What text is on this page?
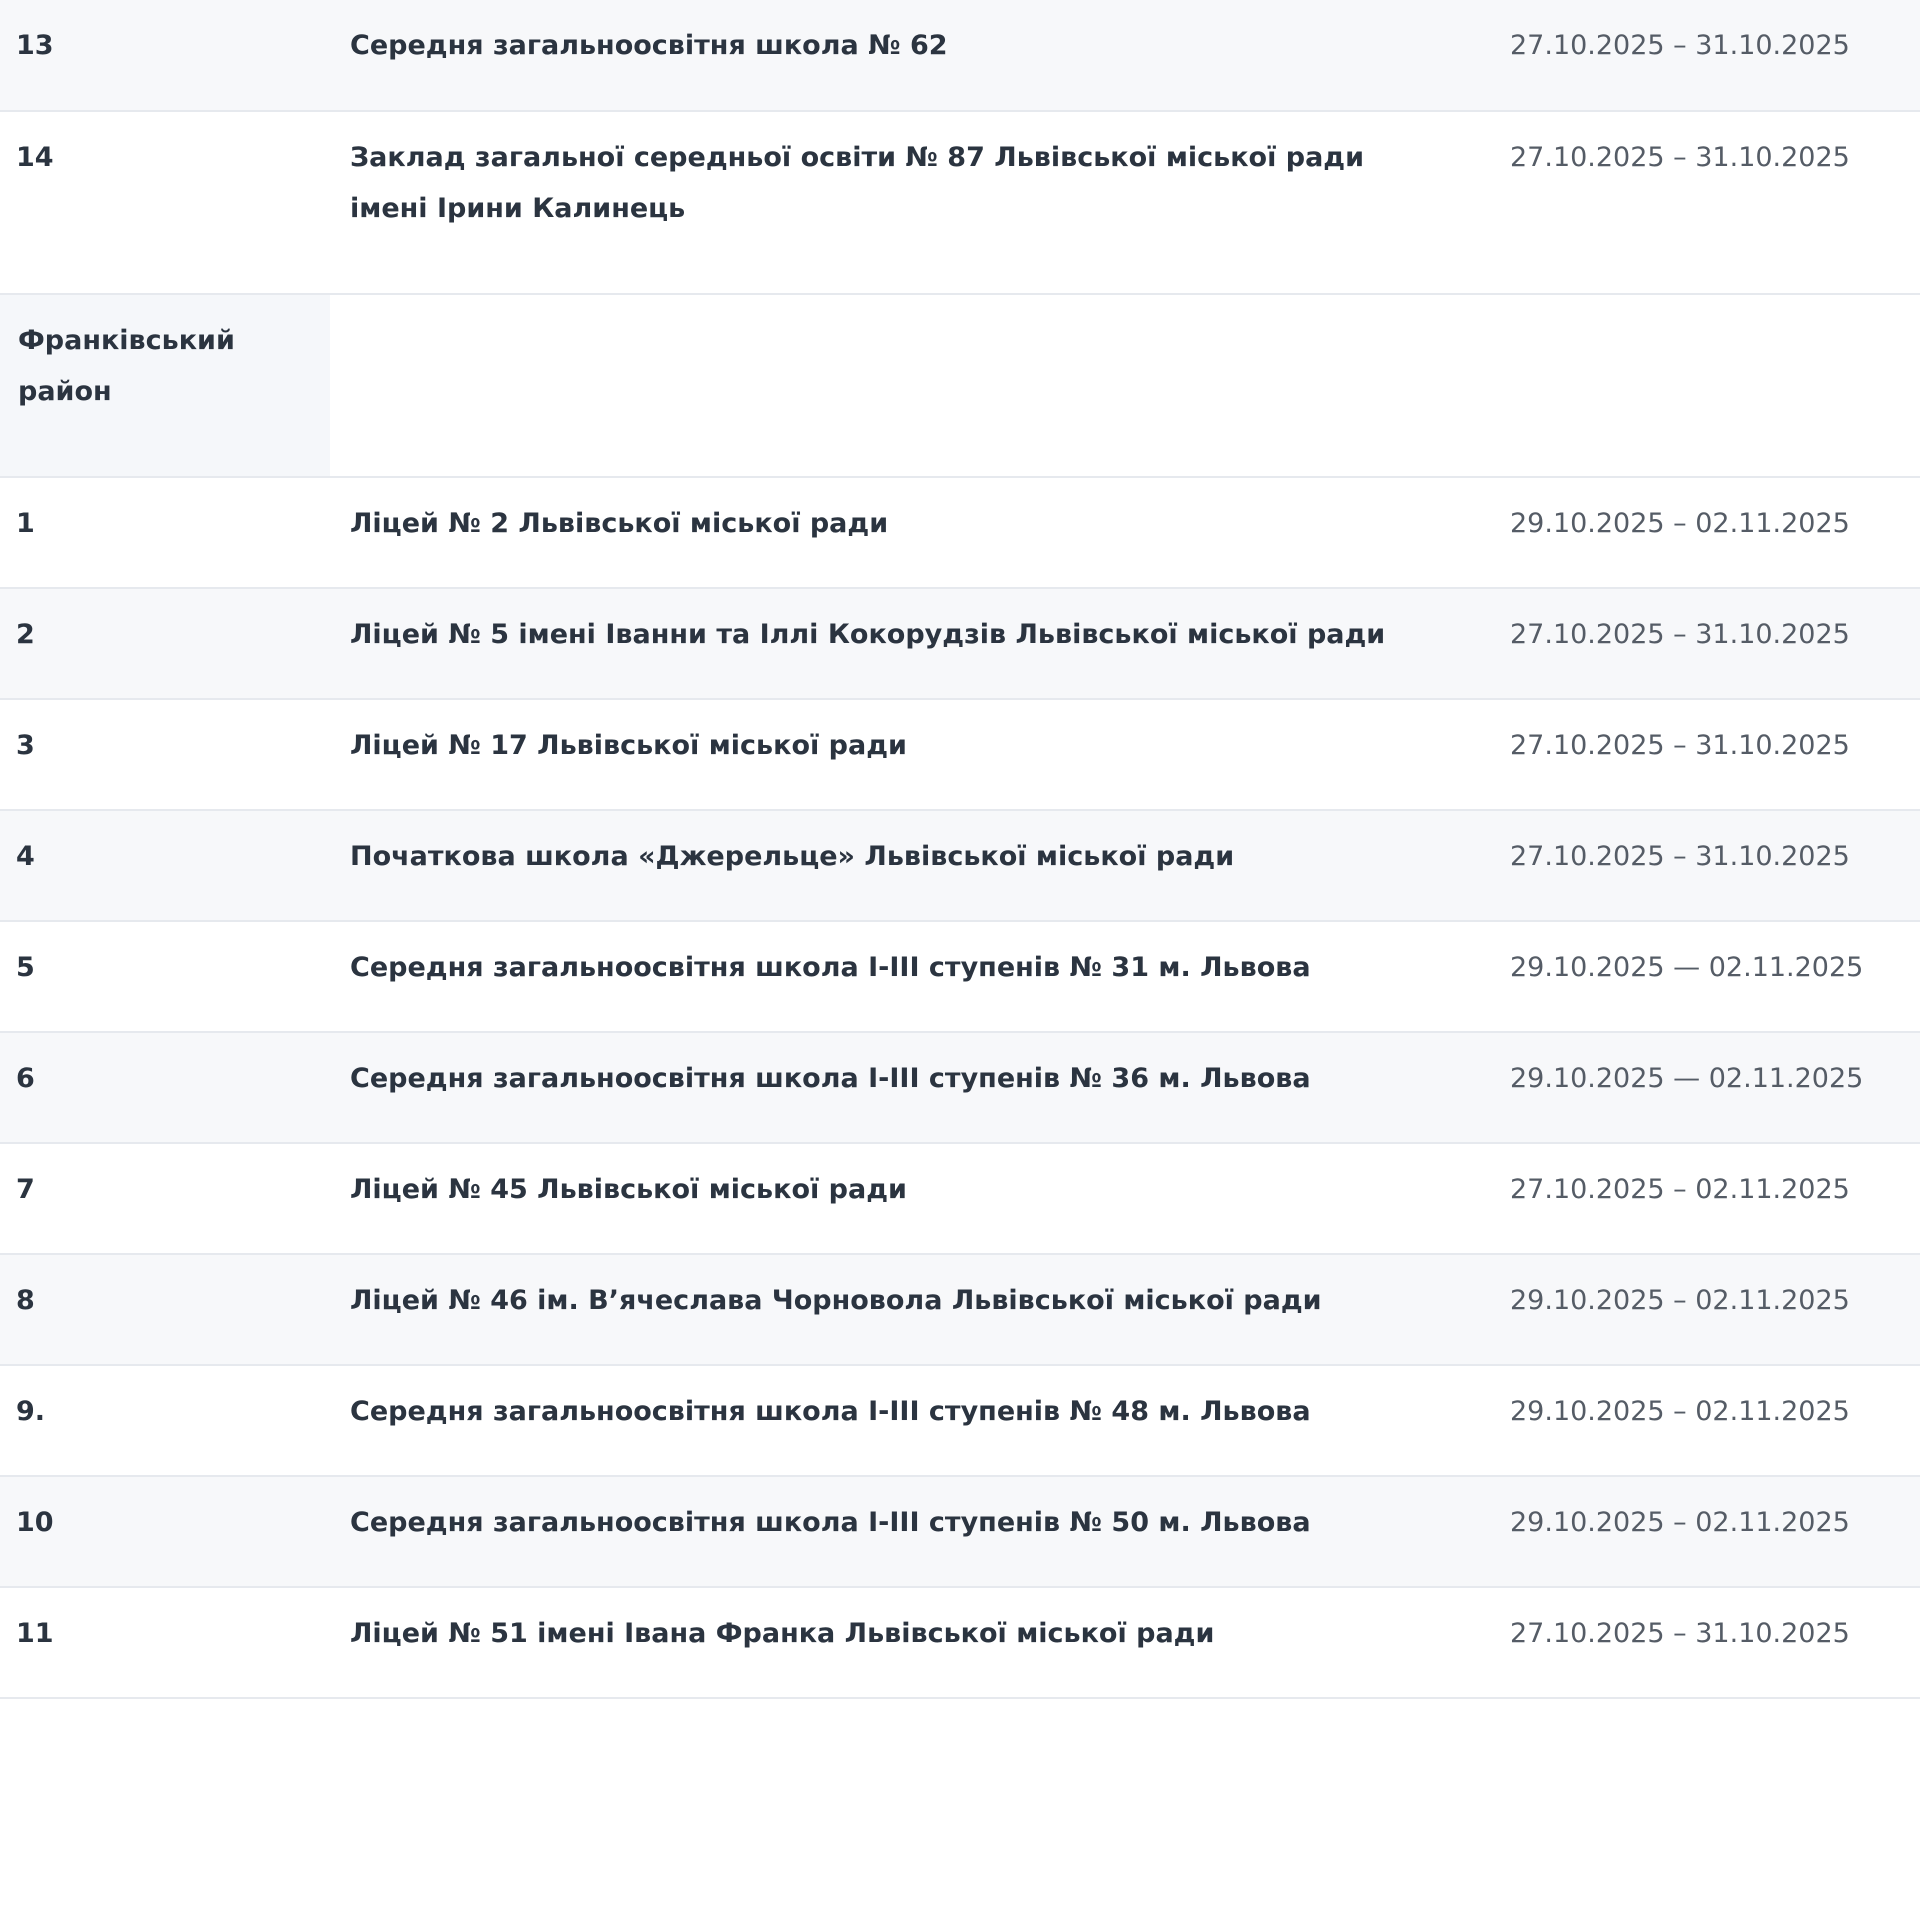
13	Середня загальноосвітня школа № 62	27.10.2025 – 31.10.2025
14	Заклад загальної середньої освіти № 87 Львівської міської ради імені Ірини Калинець	27.10.2025 – 31.10.2025
Франківський район		
1	Ліцей № 2 Львівської міської ради	29.10.2025 – 02.11.2025
2	Ліцей № 5 імені Іванни та Іллі Кокорудзів Львівської міської ради	27.10.2025 – 31.10.2025
3	Ліцей № 17 Львівської міської ради	27.10.2025 – 31.10.2025
4	Початкова школа «Джерельце» Львівської міської ради	27.10.2025 – 31.10.2025
5	Середня загальноосвітня школа І-ІІІ ступенів № 31 м. Львова	29.10.2025 — 02.11.2025
6	Середня загальноосвітня школа І-ІІІ ступенів № 36 м. Львова	29.10.2025 — 02.11.2025
7	Ліцей № 45 Львівської міської ради	27.10.2025 – 02.11.2025
8	Ліцей № 46 ім. В’ячеслава Чорновола Львівської міської ради	29.10.2025 – 02.11.2025
9.	Середня загальноосвітня школа І-ІІІ ступенів № 48 м. Львова	29.10.2025 – 02.11.2025
10	Середня загальноосвітня школа І-ІІІ ступенів № 50 м. Львова	29.10.2025 – 02.11.2025
11	Ліцей № 51 імені Івана Франка Львівської міської ради	27.10.2025 – 31.10.2025
